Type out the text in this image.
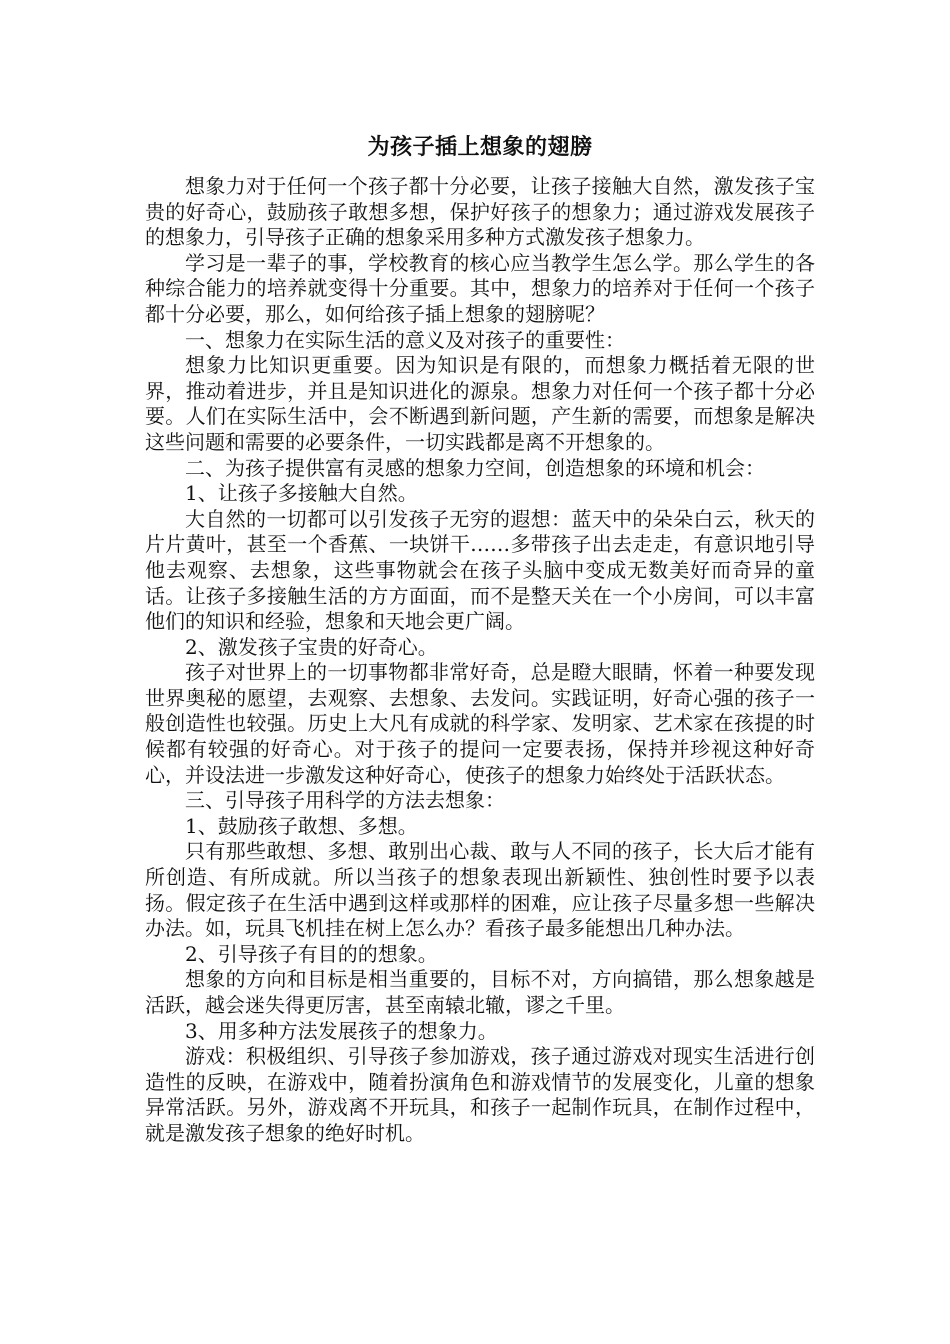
为孩子插上想象的翅膀

想象力对于任何一个孩子都十分必要，让孩子接触大自然，激发孩子宝贵的好奇心，鼓励孩子敢想多想，保护好孩子的想象力；通过游戏发展孩子的想象力，引导孩子正确的想象采用多种方式激发孩子想象力。

学习是一辈子的事，学校教育的核心应当教学生怎么学。那么学生的各种综合能力的培养就变得十分重要。其中，想象力的培养对于任何一个孩子都十分必要，那么，如何给孩子插上想象的翅膀呢？

一、想象力在实际生活的意义及对孩子的重要性：

想象力比知识更重要。因为知识是有限的，而想象力概括着无限的世界，推动着进步，并且是知识进化的源泉。想象力对任何一个孩子都十分必要。人们在实际生活中，会不断遇到新问题，产生新的需要，而想象是解决这些问题和需要的必要条件，一切实践都是离不开想象的。

二、为孩子提供富有灵感的想象力空间，创造想象的环境和机会：

1、让孩子多接触大自然。

大自然的一切都可以引发孩子无穷的遐想：蓝天中的朵朵白云，秋天的片片黄叶，甚至一个香蕉、一块饼干……多带孩子出去走走，有意识地引导他去观察、去想象，这些事物就会在孩子头脑中变成无数美好而奇异的童话。让孩子多接触生活的方方面面，而不是整天关在一个小房间，可以丰富他们的知识和经验，想象和天地会更广阔。

2、激发孩子宝贵的好奇心。

孩子对世界上的一切事物都非常好奇，总是瞪大眼睛，怀着一种要发现世界奥秘的愿望，去观察、去想象、去发问。实践证明，好奇心强的孩子一般创造性也较强。历史上大凡有成就的科学家、发明家、艺术家在孩提的时候都有较强的好奇心。对于孩子的提问一定要表扬，保持并珍视这种好奇心，并设法进一步激发这种好奇心，使孩子的想象力始终处于活跃状态。

三、引导孩子用科学的方法去想象：

1、鼓励孩子敢想、多想。

只有那些敢想、多想、敢别出心裁、敢与人不同的孩子，长大后才能有所创造、有所成就。所以当孩子的想象表现出新颖性、独创性时要予以表扬。假定孩子在生活中遇到这样或那样的困难，应让孩子尽量多想一些解决办法。如，玩具飞机挂在树上怎么办？看孩子最多能想出几种办法。

2、引导孩子有目的的想象。

想象的方向和目标是相当重要的，目标不对，方向搞错，那么想象越是活跃，越会迷失得更厉害，甚至南辕北辙，谬之千里。

3、用多种方法发展孩子的想象力。

游戏：积极组织、引导孩子参加游戏，孩子通过游戏对现实生活进行创造性的反映，在游戏中，随着扮演角色和游戏情节的发展变化，儿童的想象异常活跃。另外，游戏离不开玩具，和孩子一起制作玩具，在制作过程中，就是激发孩子想象的绝好时机。
